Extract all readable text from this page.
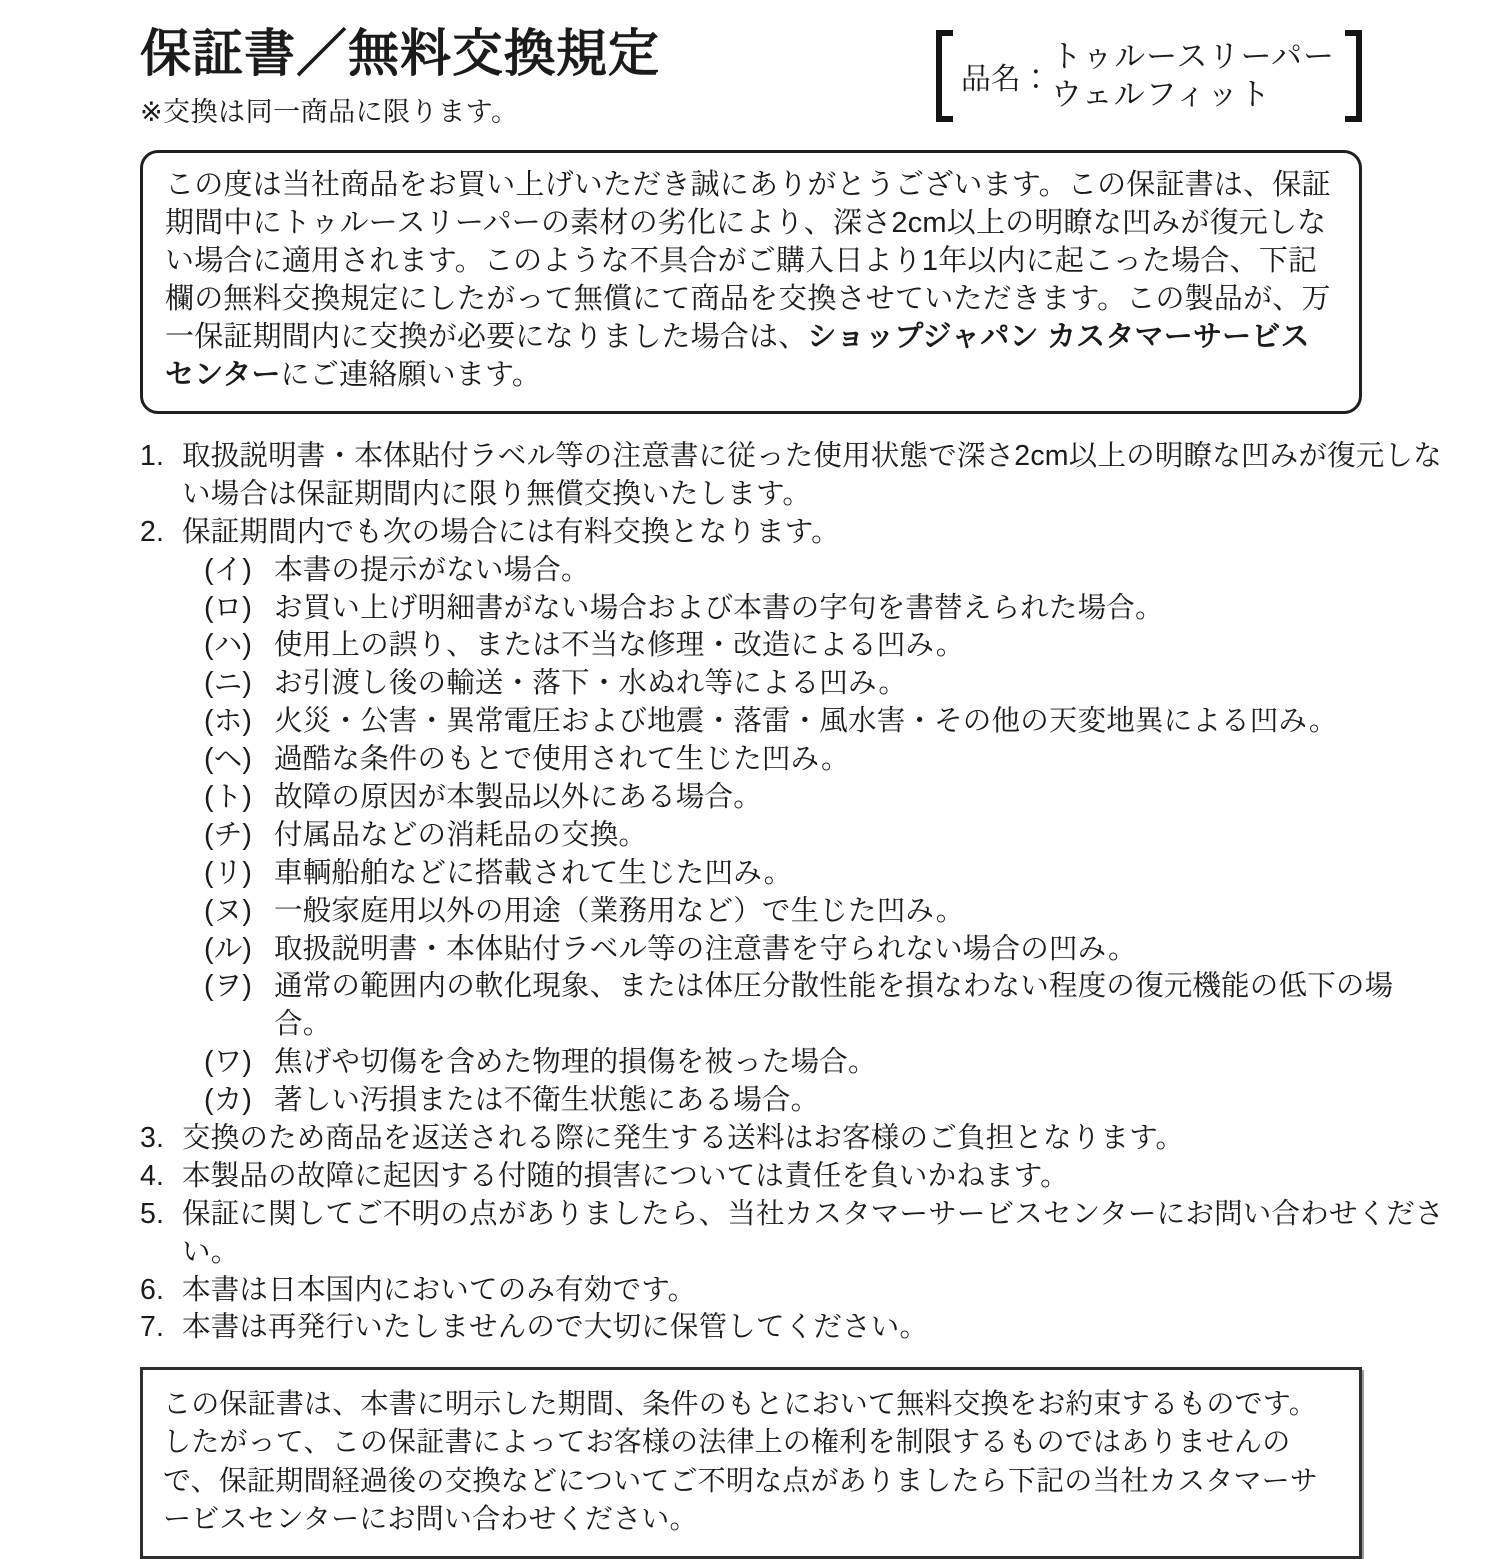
保証書／無料交換規定
※交換は同一商品に限ります。
品名：
トゥルースリーパー
ウェルフィット
この度は当社商品をお買い上げいただき誠にありがとうございます。この保証書は、保証期間中にトゥルースリーパーの素材の劣化により、深さ2cm以上の明瞭な凹みが復元しない場合に適用されます。このような不具合がご購入日より1年以内に起こった場合、下記欄の無料交換規定にしたがって無償にて商品を交換させていただきます。この製品が、万一保証期間内に交換が必要になりました場合は、ショップジャパン カスタマーサービスセンターにご連絡願います。
1. 取扱説明書・本体貼付ラベル等の注意書に従った使用状態で深さ2cm以上の明瞭な凹みが復元しない場合は保証期間内に限り無償交換いたします。
2. 保証期間内でも次の場合には有料交換となります。
(イ) 本書の提示がない場合。
(ロ) お買い上げ明細書がない場合および本書の字句を書替えられた場合。
(ハ) 使用上の誤り、または不当な修理・改造による凹み。
(ニ) お引渡し後の輸送・落下・水ぬれ等による凹み。
(ホ) 火災・公害・異常電圧および地震・落雷・風水害・その他の天変地異による凹み。
(ヘ) 過酷な条件のもとで使用されて生じた凹み。
(ト) 故障の原因が本製品以外にある場合。
(チ) 付属品などの消耗品の交換。
(リ) 車輌船舶などに搭載されて生じた凹み。
(ヌ) 一般家庭用以外の用途（業務用など）で生じた凹み。
(ル) 取扱説明書・本体貼付ラベル等の注意書を守られない場合の凹み。
(ヲ) 通常の範囲内の軟化現象、または体圧分散性能を損なわない程度の復元機能の低下の場合。
(ワ) 焦げや切傷を含めた物理的損傷を被った場合。
(カ) 著しい汚損または不衛生状態にある場合。
3. 交換のため商品を返送される際に発生する送料はお客様のご負担となります。
4. 本製品の故障に起因する付随的損害については責任を負いかねます。
5. 保証に関してご不明の点がありましたら、当社カスタマーサービスセンターにお問い合わせください。
6. 本書は日本国内においてのみ有効です。
7. 本書は再発行いたしませんので大切に保管してください。
この保証書は、本書に明示した期間、条件のもとにおいて無料交換をお約束するものです。したがって、この保証書によってお客様の法律上の権利を制限するものではありませんので、保証期間経過後の交換などについてご不明な点がありましたら下記の当社カスタマーサービスセンターにお問い合わせください。
